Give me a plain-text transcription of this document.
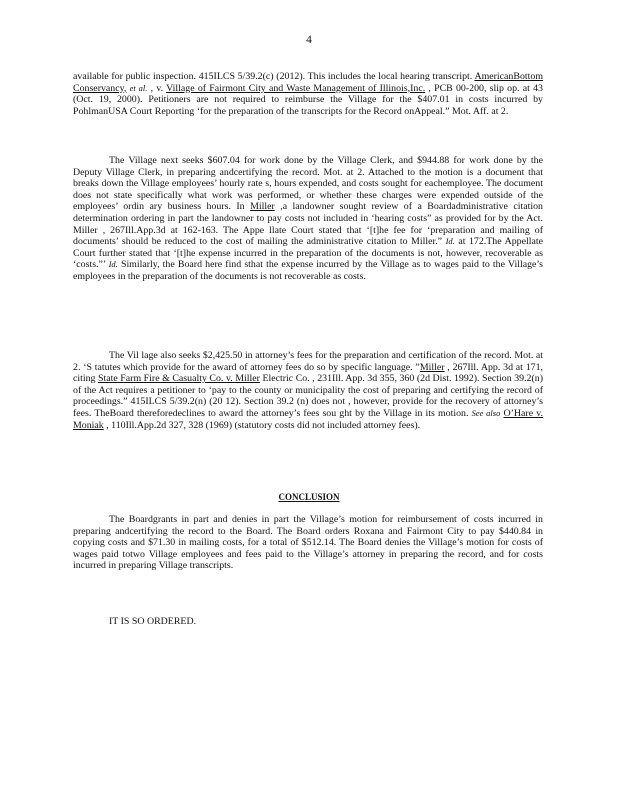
4

available for public inspection. 415ILCS 5/39.2(c) (2012). This includes the local hearing transcript. AmericanBottom Conservancy, et al. , v. Village of Fairmont City and Waste Management of Illinois,Inc. , PCB 00-200, slip op. at 43 (Oct. 19, 2000). Petitioners are not required to reimburse the Village for the $407.01 in costs incurred by PohlmanUSA Court Reporting ‘for the preparation of the transcripts for the Record onAppeal.” Mot. Aff. at 2.

The Village next seeks $607.04 for work done by the Village Clerk, and $944.88 for work done by the Deputy Village Clerk, in preparing andcertifying the record. Mot. at 2. Attached to the motion is a document that breaks down the Village employees’ hourly rate s, hours expended, and costs sought for eachemployee. The document does not state specifically what work was performed, or whether these charges were expended outside of the employees’ ordin ary business hours. In Miller ,a landowner sought review of a Boardadministrative citation determination ordering in part the landowner to pay costs not included in ‘hearing costs” as provided for by the Act. Miller , 267Ill.App.3d at 162-163. The Appe llate Court stated that ‘[t]he fee for ‘preparation and mailing of documents’ should be reduced to the cost of mailing the administrative citation to Miller.” Id. at 172.The Appellate Court further stated that ‘[t]he expense incurred in the preparation of the documents is not, however, recoverable as ‘costs.”’ Id. Similarly, the Board here find sthat the expense incurred by the Village as to wages paid to the Village’s employees in the preparation of the documents is not recoverable as costs.

The Vil lage also seeks $2,425.50 in attorney’s fees for the preparation and certification of the record. Mot. at 2. ‘S tatutes which provide for the award of attorney fees do so by specific language. ”Miller , 267Ill. App. 3d at 171, citing State Farm Fire & Casualty Co. v. Miller Electric Co. , 231Ill. App. 3d 355, 360 (2d Dist. 1992). Section 39.2(n) of the Act requires a petitioner to ‘pay to the county or municipality the cost of preparing and certifying the record of proceedings.” 415ILCS 5/39.2(n) (20 12). Section 39.2 (n) does not , however, provide for the recovery of attorney’s fees. TheBoard thereforedeclines to award the attorney’s fees sou ght by the Village in its motion. See also O’Hare v. Moniak , 110Ill.App.2d 327, 328 (1969) (statutory costs did not included attorney fees).

CONCLUSION

The Boardgrants in part and denies in part the Village’s motion for reimbursement of costs incurred in preparing andcertifying the record to the Board. The Board orders Roxana and Fairmont City to pay $440.84 in copying costs and $71.30 in mailing costs, for a total of $512.14. The Board denies the Village’s motion for costs of wages paid totwo Village employees and fees paid to the Village’s attorney in preparing the record, and for costs incurred in preparing Village transcripts.

IT IS SO ORDERED.
